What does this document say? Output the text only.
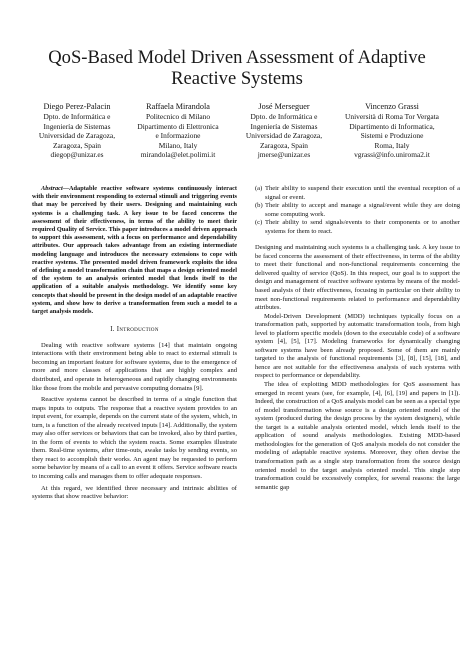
QoS-Based Model Driven Assessment of Adaptive Reactive Systems
Diego Perez-Palacin
Dpto. de Informática e
Ingeniería de Sistemas
Universidad de Zaragoza,
Zaragoza, Spain
diegop@unizar.es
Raffaela Mirandola
Politecnico di Milano
Dipartimento di Elettronica
e Informazione
Milano, Italy
mirandola@elet.polimi.it
José Merseguer
Dpto. de Informática e
Ingeniería de Sistemas
Universidad de Zaragoza,
Zaragoza, Spain
jmerse@unizar.es
Vincenzo Grassi
Università di Roma Tor Vergata
Dipartimento di Informatica,
Sistemi e Produzione
Roma, Italy
vgrassi@info.uniroma2.it

Abstract—Adaptable reactive software systems continuously interact with their environment responding to external stimuli and triggering events that may be perceived by their users. Designing and maintaining such systems is a challenging task. A key issue to be faced concerns the assessment of their effectiveness, in terms of the ability to meet their required Quality of Service. This paper introduces a model driven approach to support this assessment, with a focus on performance and dependability attributes. Our approach takes advantage from an existing intermediate modeling language and introduces the necessary extensions to cope with reactive systems. The presented model driven framework exploits the idea of defining a model transformation chain that maps a design oriented model of the system to an analysis oriented model that lends itself to the application of a suitable analysis methodology. We identify some key concepts that should be present in the design model of an adaptable reactive system, and show how to derive a transformation from such a model to a target analysis models.

I. Introduction

Dealing with reactive software systems [14] that maintain ongoing interactions with their environment being able to react to external stimuli is becoming an important feature for software systems, due to the emergence of more and more classes of applications that are highly complex and distributed, and operate in heterogeneous and rapidly changing environments like those from the mobile and pervasive computing domains [9].

Reactive systems cannot be described in terms of a single function that maps inputs to outputs. The response that a reactive system provides to an input event, for example, depends on the current state of the system, which, in turn, is a function of the already received inputs [14]. Additionally, the system may also offer services or behaviors that can be invoked, also by third parties, in the form of events to which the system reacts. Some examples illustrate them. Real-time systems, after time-outs, awake tasks by sending events, so they react to accomplish their works. An agent may be requested to perform some behavior by means of a call to an event it offers. Service software reacts to incoming calls and manages them to offer adequate responses.

At this regard, we identified three necessary and intrinsic abilities of systems that show reactive behavior:

(a) Their ability to suspend their execution until the eventual reception of a signal or event.
(b) Their ability to accept and manage a signal/event while they are doing some computing work.
(c) Their ability to send signals/events to their components or to another systems for them to react.

Designing and maintaining such systems is a challenging task. A key issue to be faced concerns the assessment of their effectiveness, in terms of the ability to meet their functional and non-functional requirements concerning the delivered quality of service (QoS). In this respect, our goal is to support the design and management of reactive software systems by means of the model-based analysis of their effectiveness, focusing in particular on their ability to meet non-functional requirements related to performance and dependability attributes.

Model-Driven Development (MDD) techniques typically focus on a transformation path, supported by automatic transformation tools, from high level to platform specific models (down to the executable code) of a software system [4], [5], [17]. Modeling frameworks for dynamically changing software systems have been already proposed. Some of them are mainly targeted to the analysis of functional requirements [3], [8], [15], [18], and hence are not suitable for the effectiveness analysis of such systems with respect to performance or dependability.

The idea of exploiting MDD methodologies for QoS assessment has emerged in recent years (see, for example, [4], [6], [19] and papers in [1]). Indeed, the construction of a QoS analysis model can be seen as a special type of model transformation whose source is a design oriented model of the system (produced during the design process by the system designers), while the target is a suitable analysis oriented model, which lends itself to the application of sound analysis methodologies. Existing MDD-based methodologies for the generation of QoS analysis models do not consider the modeling of adaptable reactive systems. Moreover, they often devise the transformation path as a single step transformation from the source design oriented model to the target analysis oriented model. This single step transformation could be excessively complex, for several reasons: the large semantic gap
